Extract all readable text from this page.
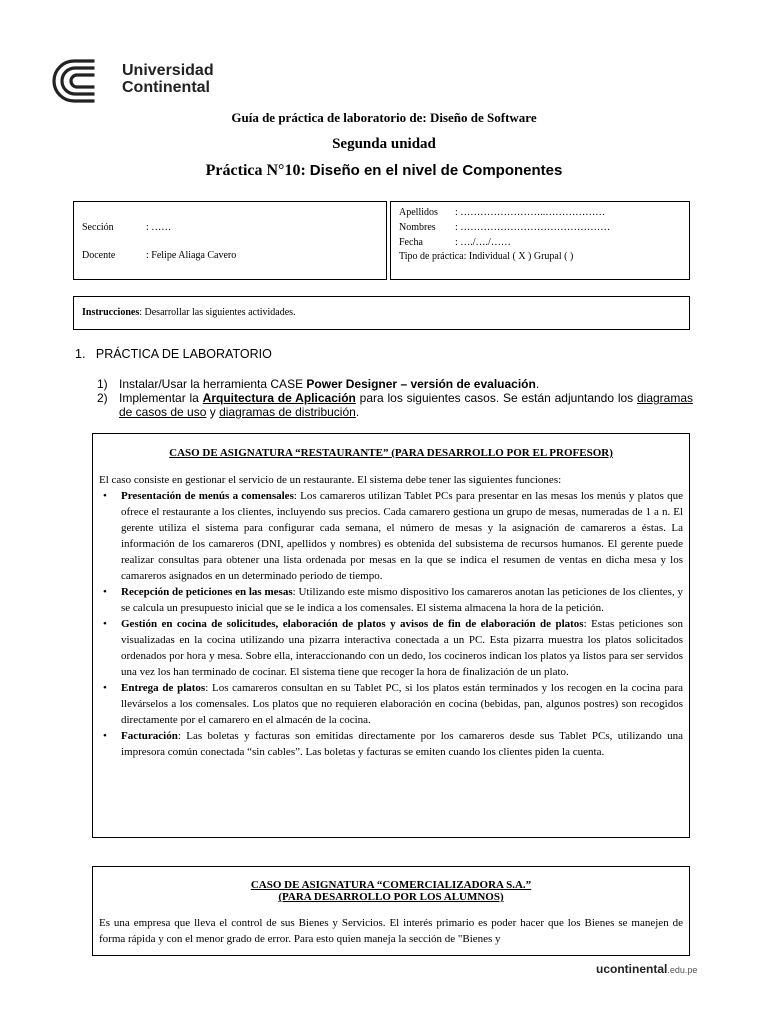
Universidad
Continental
Guía de práctica de laboratorio de: Diseño de Software
Segunda unidad
Práctica N°10: Diseño en el nivel de Componentes
Sección	: ……
Docente	: Felipe Aliaga Cavero
Apellidos	: ……………………..………………
Nombres	: ………………………………………
Fecha	: …./…./……
Tipo de práctica: Individual ( X ) Grupal ( )
Instrucciones: Desarrollar las siguientes actividades.
1. PRÁCTICA DE LABORATORIO
1) Instalar/Usar la herramienta CASE Power Designer – versión de evaluación.
2) Implementar la Arquitectura de Aplicación para los siguientes casos. Se están adjuntando los diagramas de casos de uso y diagramas de distribución.
CASO DE ASIGNATURA “RESTAURANTE” (PARA DESARROLLO POR EL PROFESOR)
El caso consiste en gestionar el servicio de un restaurante. El sistema debe tener las siguientes funciones:
•	Presentación de menús a comensales: Los camareros utilizan Tablet PCs para presentar en las mesas los menús y platos que ofrece el restaurante a los clientes, incluyendo sus precios. Cada camarero gestiona un grupo de mesas, numeradas de 1 a n. El gerente utiliza el sistema para configurar cada semana, el número de mesas y la asignación de camareros a éstas. La información de los camareros (DNI, apellidos y nombres) es obtenida del subsistema de recursos humanos. El gerente puede realizar consultas para obtener una lista ordenada por mesas en la que se indica el resumen de ventas en dicha mesa y los camareros asignados en un determinado periodo de tiempo.
•	Recepción de peticiones en las mesas: Utilizando este mismo dispositivo los camareros anotan las peticiones de los clientes, y se calcula un presupuesto inicial que se le indica a los comensales. El sistema almacena la hora de la petición.
•	Gestión en cocina de solicitudes, elaboración de platos y avisos de fin de elaboración de platos: Estas peticiones son visualizadas en la cocina utilizando una pizarra interactiva conectada a un PC. Esta pizarra muestra los platos solicitados ordenados por hora y mesa. Sobre ella, interaccionando con un dedo, los cocineros indican los platos ya listos para ser servidos una vez los han terminado de cocinar. El sistema tiene que recoger la hora de finalización de un plato.
•	Entrega de platos: Los camareros consultan en su Tablet PC, si los platos están terminados y los recogen en la cocina para llevárselos a los comensales. Los platos que no requieren elaboración en cocina (bebidas, pan, algunos postres) son recogidos directamente por el camarero en el almacén de la cocina.
•	Facturación: Las boletas y facturas son emitidas directamente por los camareros desde sus Tablet PCs, utilizando una impresora común conectada “sin cables”. Las boletas y facturas se emiten cuando los clientes piden la cuenta.
CASO DE ASIGNATURA “COMERCIALIZADORA S.A.”
(PARA DESARROLLO POR LOS ALUMNOS)
Es una empresa que lleva el control de sus Bienes y Servicios. El interés primario es poder hacer que los Bienes se manejen de forma rápida y con el menor grado de error. Para esto quien maneja la sección de "Bienes y
ucontinental.edu.pe
